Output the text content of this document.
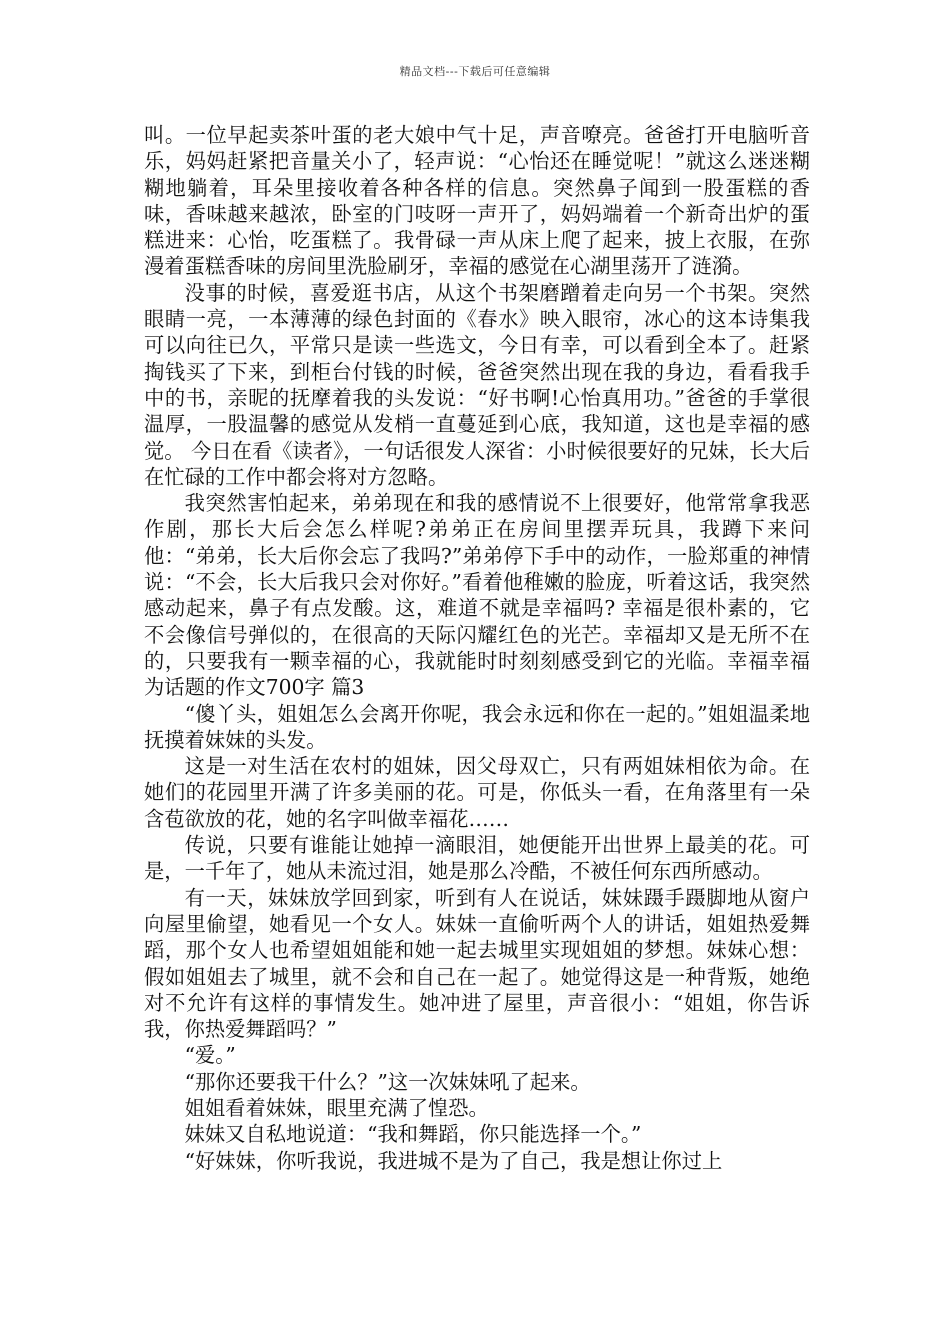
精品文档---下载后可任意编辑

叫。一位早起卖茶叶蛋的老大娘中气十足，声音嘹亮。爸爸打开电脑听音乐，妈妈赶紧把音量关小了，轻声说：“心怡还在睡觉呢！”就这么迷迷糊糊地躺着，耳朵里接收着各种各样的信息。突然鼻子闻到一股蛋糕的香味，香味越来越浓，卧室的门吱呀一声开了，妈妈端着一个新奇出炉的蛋糕进来：心怡，吃蛋糕了。我骨碌一声从床上爬了起来，披上衣服，在弥漫着蛋糕香味的房间里洗脸刷牙，幸福的感觉在心湖里荡开了涟漪。

没事的时候，喜爱逛书店，从这个书架磨蹭着走向另一个书架。突然眼睛一亮，一本薄薄的绿色封面的《春水》映入眼帘，冰心的这本诗集我可以向往已久，平常只是读一些选文，今日有幸，可以看到全本了。赶紧掏钱买了下来，到柜台付钱的时候，爸爸突然出现在我的身边，看看我手中的书，亲昵的抚摩着我的头发说：“好书啊!心怡真用功。”爸爸的手掌很温厚，一股温馨的感觉从发梢一直蔓延到心底，我知道，这也是幸福的感觉。 今日在看《读者》，一句话很发人深省：小时候很要好的兄妹，长大后在忙碌的工作中都会将对方忽略。

我突然害怕起来，弟弟现在和我的感情说不上很要好，他常常拿我恶作剧，那长大后会怎么样呢?弟弟正在房间里摆弄玩具，我蹲下来问他：“弟弟，长大后你会忘了我吗?”弟弟停下手中的动作，一脸郑重的神情说：“不会，长大后我只会对你好。”看着他稚嫩的脸庞，听着这话，我突然感动起来，鼻子有点发酸。这，难道不就是幸福吗? 幸福是很朴素的，它不会像信号弹似的，在很高的天际闪耀红色的光芒。幸福却又是无所不在的，只要我有一颗幸福的心，我就能时时刻刻感受到它的光临。幸福幸福为话题的作文700字 篇3

“傻丫头，姐姐怎么会离开你呢，我会永远和你在一起的。”姐姐温柔地抚摸着妹妹的头发。

这是一对生活在农村的姐妹，因父母双亡，只有两姐妹相依为命。在她们的花园里开满了许多美丽的花。可是，你低头一看，在角落里有一朵含苞欲放的花，她的名字叫做幸福花……

传说，只要有谁能让她掉一滴眼泪，她便能开出世界上最美的花。可是，一千年了，她从未流过泪，她是那么冷酷，不被任何东西所感动。

有一天，妹妹放学回到家，听到有人在说话，妹妹蹑手蹑脚地从窗户向屋里偷望，她看见一个女人。妹妹一直偷听两个人的讲话，姐姐热爱舞蹈，那个女人也希望姐姐能和她一起去城里实现姐姐的梦想。妹妹心想：假如姐姐去了城里，就不会和自己在一起了。她觉得这是一种背叛，她绝对不允许有这样的事情发生。她冲进了屋里，声音很小：“姐姐，你告诉我，你热爱舞蹈吗？”

“爱。”

“那你还要我干什么？”这一次妹妹吼了起来。

姐姐看着妹妹，眼里充满了惶恐。

妹妹又自私地说道：“我和舞蹈，你只能选择一个。”

“好妹妹，你听我说，我进城不是为了自己，我是想让你过上
